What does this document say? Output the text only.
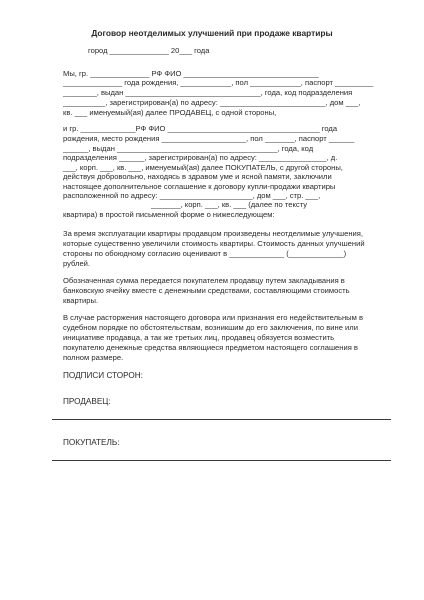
Договор неотделимых улучшений при продаже квартиры
город ______________ 20___ года
Мы, гр. ______________ РФ ФИО ________________________________
______________ года рождения, ____________, пол ____________, паспорт _________
________, выдан ________________________________, года, код подразделения
__________, зарегистрирован(а) по адресу: _________________________, дом ___,
кв. ___ именуемый(ая) далее ПРОДАВЕЦ, с одной стороны,
и гр. _____________РФ ФИО ____________________________________ года
рождения, место рождения ____________________, пол _______, паспорт ______
______, выдан ______________________________________, года, код
подразделения ______, зарегистрирован(а) по адресу: ________________, д.
___, корп. ___, кв. ___, именуемый(ая) далее ПОКУПАТЕЛЬ, с другой стороны,
действуя добровольно, находясь в здравом уме и ясной памяти, заключили
настоящее дополнительное соглашение к договору купли-продажи квартиры
расположенной по адресу: ______________________, дом ___, стр. ___,
_______, корп. ___, кв. ___ (далее по тексту
квартира) в простой письменной форме о нижеследующем:
За время эксплуатации квартиры продавцом произведены неотделимые улучшения,
которые существенно увеличили стоимость квартиры. Стоимость данных улучшений
стороны по обоюдному согласию оценивают в _____________ (_____________)
рублей.
Обозначенная сумма передается покупателем продавцу путем закладывания в
банковскую ячейку вместе с денежными средствами, составляющими стоимость
квартиры.
В случае расторжения настоящего договора или признания его недействительным в
судебном порядке по обстоятельствам, возникшим до его заключения, по вине или
инициативе продавца, а так же третьих лиц, продавец обязуется возместить
покупателю денежные средства являющиеся предметом настоящего соглашения в
полном размере.
ПОДПИСИ СТОРОН:
ПРОДАВЕЦ:
ПОКУПАТЕЛЬ:
